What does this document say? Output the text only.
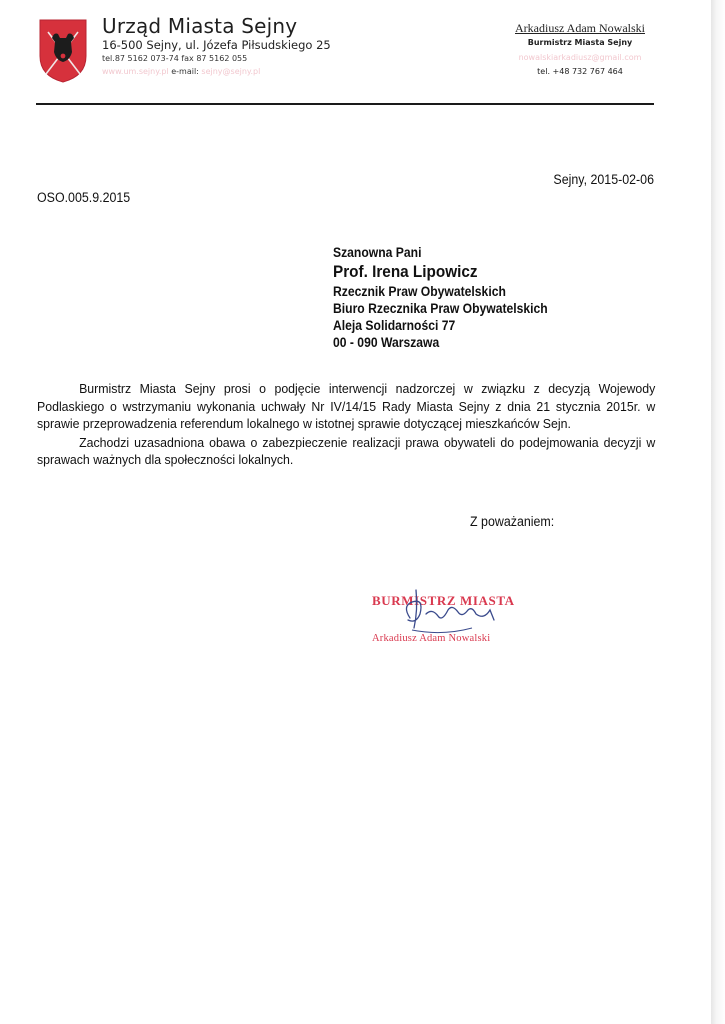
Urząd Miasta Sejny
16-500 Sejny, ul. Józefa Piłsudskiego 25
tel.87 5162 073-74 fax 87 5162 055
www.um.sejny.pl e-mail: sejny@sejny.pl
Arkadiusz Adam Nowalski
Burmistrz Miasta Sejny
nowalskiarkadiusz@gmail.com
tel. +48 732 767 464
Sejny, 2015-02-06
OSO.005.9.2015
Szanowna Pani
Prof. Irena Lipowicz
Rzecznik Praw Obywatelskich
Biuro Rzecznika Praw Obywatelskich
Aleja Solidarności 77
00 - 090 Warszawa

Burmistrz Miasta Sejny prosi o podjęcie interwencji nadzorczej w związku z decyzją Wojewody Podlaskiego o wstrzymaniu wykonania uchwały Nr IV/14/15 Rady Miasta Sejny z dnia 21 stycznia 2015r. w sprawie przeprowadzenia referendum lokalnego w istotnej sprawie dotyczącej mieszkańców Sejn.

Zachodzi uzasadniona obawa o zabezpieczenie realizacji prawa obywateli do podejmowania decyzji w sprawach ważnych dla społeczności lokalnych.

Z poważaniem:
BURMISTRZ MIASTA
Arkadiusz Adam Nowalski
